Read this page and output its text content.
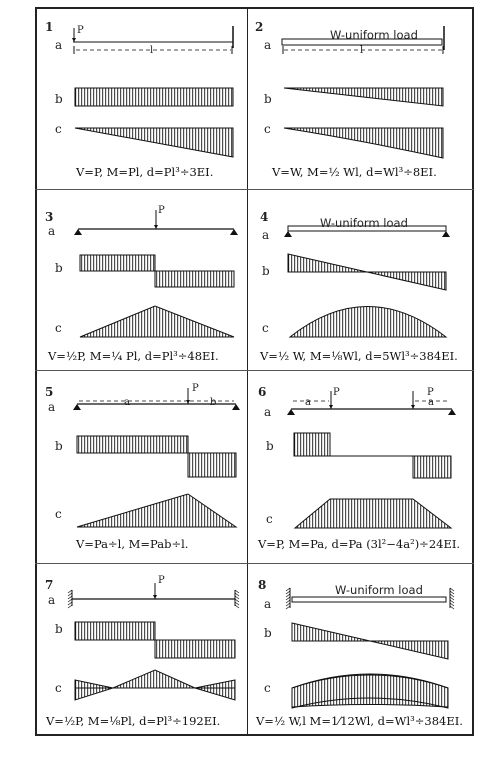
1
a
P
l
b
c
V=P, M=Pl, d=Pl³÷3EI.
2
a
W-uniform load
l
b
c
V=W, M=½ Wl, d=Wl³÷8EI.
3
a
P
b
c
V=½P, M=¼ Pl, d=Pl³÷48EI.
4
a
W-uniform load
b
c
V=½ W, M=⅛Wl, d=5Wl³÷384EI.
5
a
P
a	b
b
c
V=Pa÷l, M=Pab÷l.
6
a
P	P
a	a
b
c
V=P, M=Pa, d=Pa (3l²−4a²)÷24EI.
7
a
P
b
c
V=½P, M=⅛Pl, d=Pl³÷192EI.
8
a
W-uniform load
b
c
V=½ W,l M=1⁄12Wl, d=Wl³÷384EI.
